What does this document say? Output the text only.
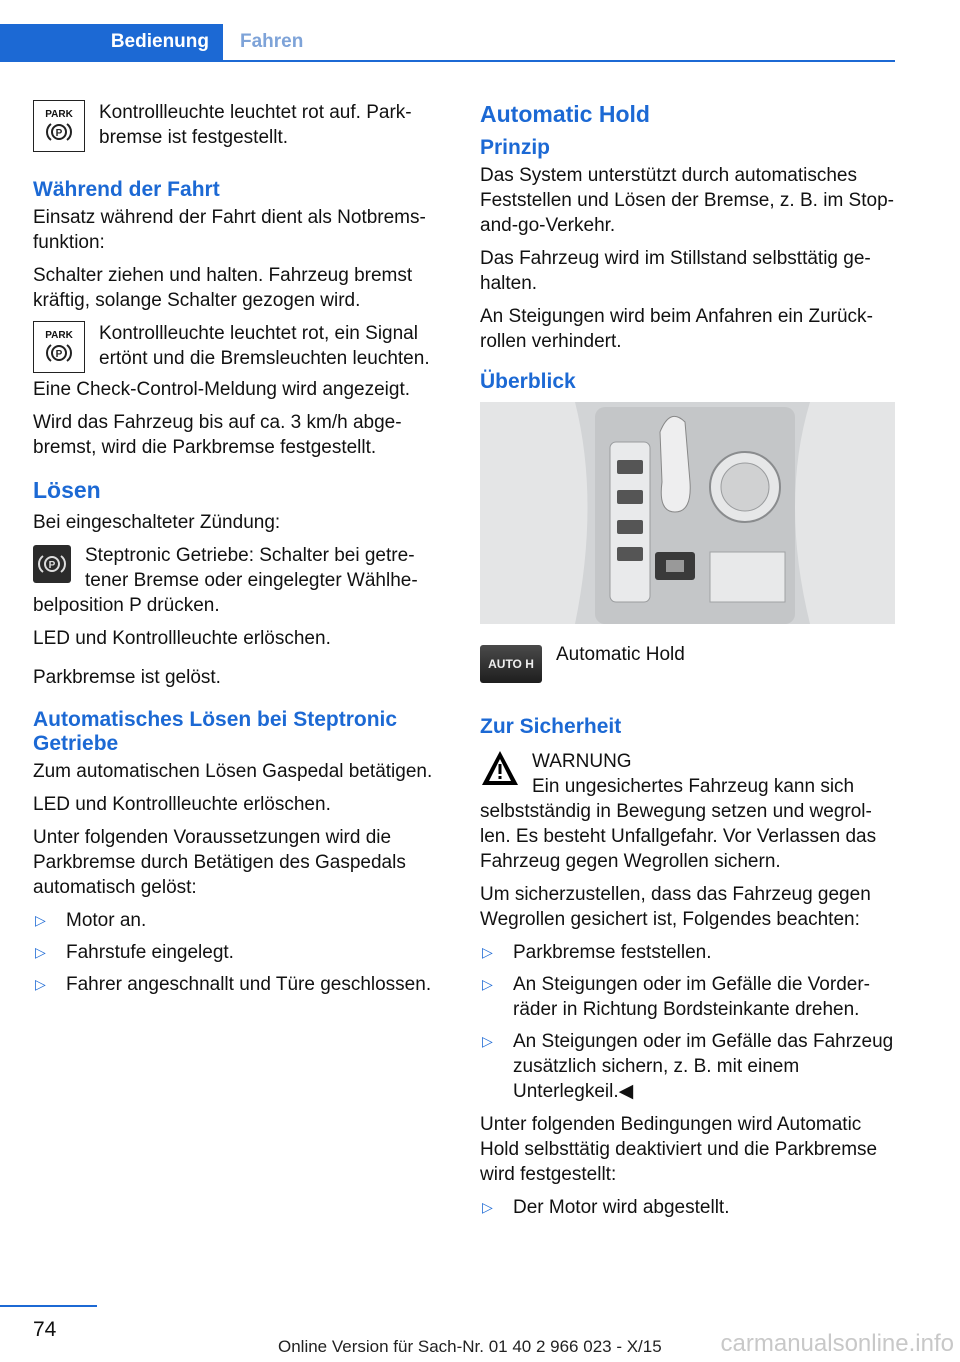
Bedienung	Fahren
PARK
P
Kontrollleuchte leuchtet rot auf. Parkbremse ist festgestellt.
Während der Fahrt

Einsatz während der Fahrt dient als Notbremsfunktion:

Schalter ziehen und halten. Fahrzeug bremst kräftig, solange Schalter gezogen wird.

PARK
P
Kontrollleuchte leuchtet rot, ein Signal ertönt und die Bremsleuchten leuchten.

Eine Check-Control-Meldung wird angezeigt.

Wird das Fahrzeug bis auf ca. 3 km/h abgebremst, wird die Parkbremse festgestellt.

Lösen

Bei eingeschalteter Zündung:

P Steptronic Getriebe: Schalter bei getretener Bremse oder eingelegter Wählhebelposition P drücken.

LED und Kontrollleuchte erlöschen.

Parkbremse ist gelöst.

Automatisches Lösen bei Steptronic Getriebe

Zum automatischen Lösen Gaspedal betätigen.

LED und Kontrollleuchte erlöschen.

Unter folgenden Voraussetzungen wird die Parkbremse durch Betätigen des Gaspedals automatisch gelöst:

▷ Motor an.
▷ Fahrstufe eingelegt.
▷ Fahrer angeschnallt und Türe geschlossen.
Automatic Hold
Prinzip

Das System unterstützt durch automatisches Feststellen und Lösen der Bremse, z. B. im Stop-and-go-Verkehr.

Das Fahrzeug wird im Stillstand selbsttätig gehalten.

An Steigungen wird beim Anfahren ein Zurückrollen verhindert.

Überblick
AUTO H	Automatic Hold
Zur Sicherheit
WARNUNG

Ein ungesichertes Fahrzeug kann sich selbstständig in Bewegung setzen und wegrollen. Es besteht Unfallgefahr. Vor Verlassen das Fahrzeug gegen Wegrollen sichern.

Um sicherzustellen, dass das Fahrzeug gegen Wegrollen gesichert ist, Folgendes beachten:

▷ Parkbremse feststellen.
▷ An Steigungen oder im Gefälle die Vorderräder in Richtung Bordsteinkante drehen.
▷ An Steigungen oder im Gefälle das Fahrzeug zusätzlich sichern, z. B. mit einem Unterlegkeil.◀

Unter folgenden Bedingungen wird Automatic Hold selbsttätig deaktiviert und die Parkbremse wird festgestellt:

▷ Der Motor wird abgestellt.
74
Online Version für Sach-Nr. 01 40 2 966 023 - X/15 carmanualsonline.info
